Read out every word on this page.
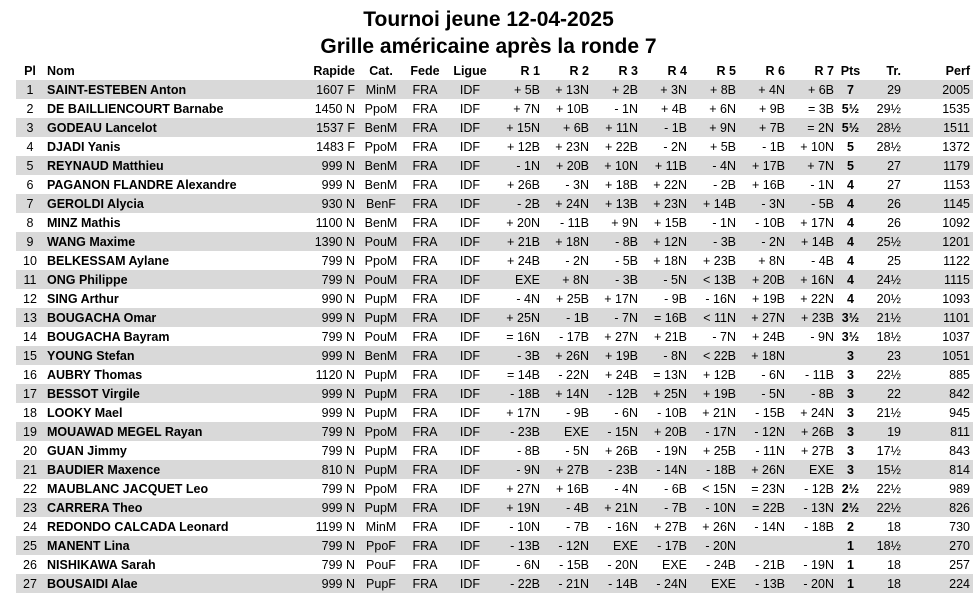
Tournoi jeune 12-04-2025
Grille américaine après la ronde 7
Pl	Nom	Rapide	Cat.	Fede	Ligue	R 1	R 2	R 3	R 4	R 5	R 6	R 7	Pts	Tr.	Perf
1	SAINT-ESTEBEN Anton	1607 F	MinM	FRA	IDF	+ 5B	+ 13N	+ 2B	+ 3N	+ 8B	+ 4N	+ 6B	7	29	2005
2	DE BAILLIENCOURT Barnabe	1450 N	PpoM	FRA	IDF	+ 7N	+ 10B	- 1N	+ 4B	+ 6N	+ 9B	= 3B	5½	29½	1535
3	GODEAU Lancelot	1537 F	BenM	FRA	IDF	+ 15N	+ 6B	+ 11N	- 1B	+ 9N	+ 7B	= 2N	5½	28½	1511
4	DJADI Yanis	1483 F	PpoM	FRA	IDF	+ 12B	+ 23N	+ 22B	- 2N	+ 5B	- 1B	+ 10N	5	28½	1372
5	REYNAUD Matthieu	999 N	BenM	FRA	IDF	- 1N	+ 20B	+ 10N	+ 11B	- 4N	+ 17B	+ 7N	5	27	1179
6	PAGANON FLANDRE Alexandre	999 N	BenM	FRA	IDF	+ 26B	- 3N	+ 18B	+ 22N	- 2B	+ 16B	- 1N	4	27	1153
7	GEROLDI Alycia	930 N	BenF	FRA	IDF	- 2B	+ 24N	+ 13B	+ 23N	+ 14B	- 3N	- 5B	4	26	1145
8	MINZ Mathis	1100 N	BenM	FRA	IDF	+ 20N	- 11B	+ 9N	+ 15B	- 1N	- 10B	+ 17N	4	26	1092
9	WANG Maxime	1390 N	PouM	FRA	IDF	+ 21B	+ 18N	- 8B	+ 12N	- 3B	- 2N	+ 14B	4	25½	1201
10	BELKESSAM Aylane	799 N	PpoM	FRA	IDF	+ 24B	- 2N	- 5B	+ 18N	+ 23B	+ 8N	- 4B	4	25	1122
11	ONG Philippe	799 N	PouM	FRA	IDF	EXE	+ 8N	- 3B	- 5N	< 13B	+ 20B	+ 16N	4	24½	1115
12	SING Arthur	990 N	PupM	FRA	IDF	- 4N	+ 25B	+ 17N	- 9B	- 16N	+ 19B	+ 22N	4	20½	1093
13	BOUGACHA Omar	999 N	PupM	FRA	IDF	+ 25N	- 1B	- 7N	= 16B	< 11N	+ 27N	+ 23B	3½	21½	1101
14	BOUGACHA Bayram	799 N	PouM	FRA	IDF	= 16N	- 17B	+ 27N	+ 21B	- 7N	+ 24B	- 9N	3½	18½	1037
15	YOUNG Stefan	999 N	BenM	FRA	IDF	- 3B	+ 26N	+ 19B	- 8N	< 22B	+ 18N		3	23	1051
16	AUBRY Thomas	1120 N	PupM	FRA	IDF	= 14B	- 22N	+ 24B	= 13N	+ 12B	- 6N	- 11B	3	22½	885
17	BESSOT Virgile	999 N	PupM	FRA	IDF	- 18B	+ 14N	- 12B	+ 25N	+ 19B	- 5N	- 8B	3	22	842
18	LOOKY Mael	999 N	PupM	FRA	IDF	+ 17N	- 9B	- 6N	- 10B	+ 21N	- 15B	+ 24N	3	21½	945
19	MOUAWAD MEGEL Rayan	799 N	PpoM	FRA	IDF	- 23B	EXE	- 15N	+ 20B	- 17N	- 12N	+ 26B	3	19	811
20	GUAN Jimmy	799 N	PupM	FRA	IDF	- 8B	- 5N	+ 26B	- 19N	+ 25B	- 11N	+ 27B	3	17½	843
21	BAUDIER Maxence	810 N	PupM	FRA	IDF	- 9N	+ 27B	- 23B	- 14N	- 18B	+ 26N	EXE	3	15½	814
22	MAUBLANC JACQUET Leo	799 N	PpoM	FRA	IDF	+ 27N	+ 16B	- 4N	- 6B	< 15N	= 23N	- 12B	2½	22½	989
23	CARRERA Theo	999 N	PupM	FRA	IDF	+ 19N	- 4B	+ 21N	- 7B	- 10N	= 22B	- 13N	2½	22½	826
24	REDONDO CALCADA Leonard	1199 N	MinM	FRA	IDF	- 10N	- 7B	- 16N	+ 27B	+ 26N	- 14N	- 18B	2	18	730
25	MANENT Lina	799 N	PpoF	FRA	IDF	- 13B	- 12N	EXE	- 17B	- 20N			1	18½	270
26	NISHIKAWA Sarah	799 N	PouF	FRA	IDF	- 6N	- 15B	- 20N	EXE	- 24B	- 21B	- 19N	1	18	257
27	BOUSAIDI Alae	999 N	PupF	FRA	IDF	- 22B	- 21N	- 14B	- 24N	EXE	- 13B	- 20N	1	18	224
